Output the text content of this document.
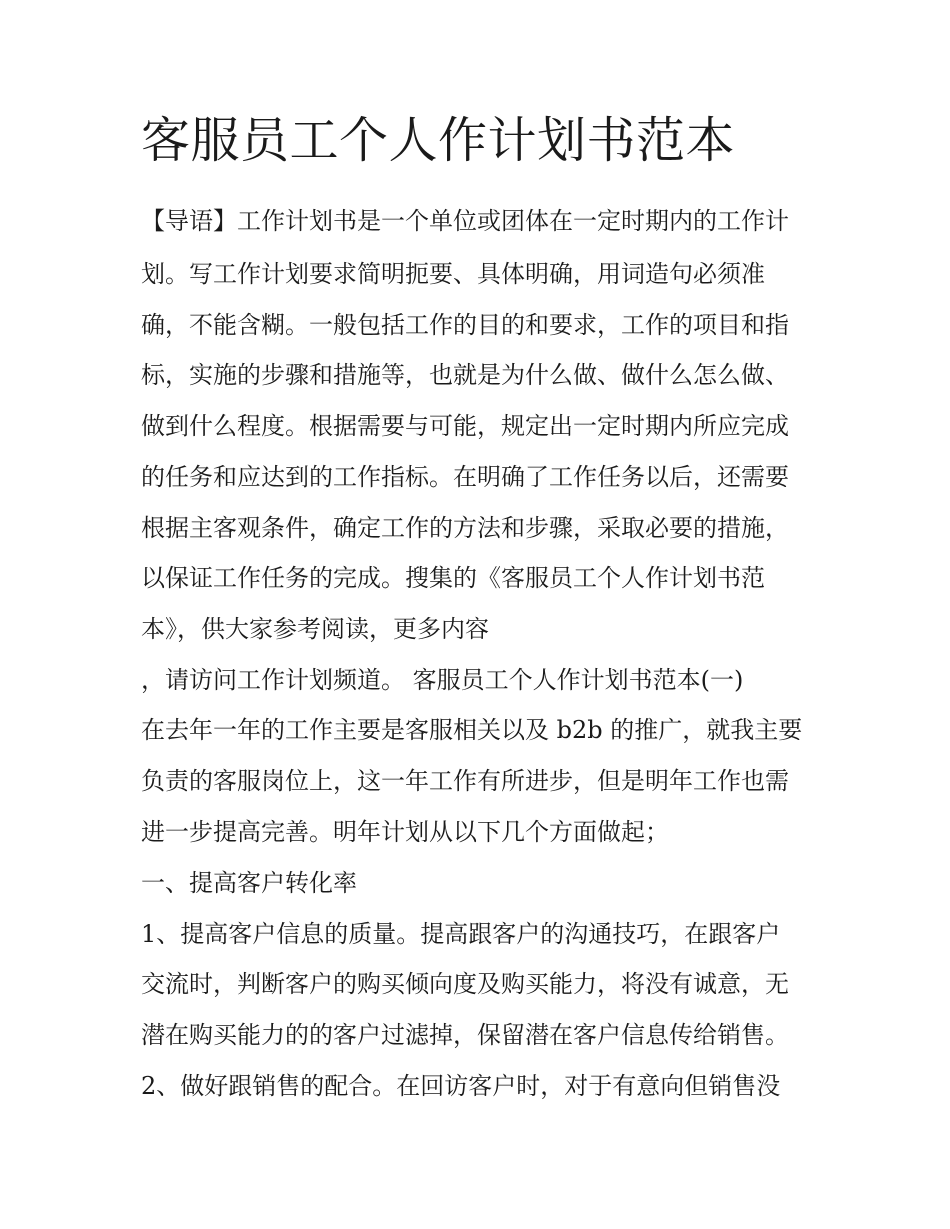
客服员工个人作计划书范本

【导语】工作计划书是一个单位或团体在一定时期内的工作计

划。写工作计划要求简明扼要、具体明确，用词造句必须准

确，不能含糊。一般包括工作的目的和要求，工作的项目和指

标，实施的步骤和措施等，也就是为什么做、做什么怎么做、

做到什么程度。根据需要与可能，规定出一定时期内所应完成

的任务和应达到的工作指标。在明确了工作任务以后，还需要

根据主客观条件，确定工作的方法和步骤，采取必要的措施，

以保证工作任务的完成。搜集的《客服员工个人作计划书范

本》，供大家参考阅读，更多内容

，请访问工作计划频道。 客服员工个人作计划书范本(一)

在去年一年的工作主要是客服相关以及 b2b 的推广，就我主要

负责的客服岗位上，这一年工作有所进步，但是明年工作也需

进一步提高完善。明年计划从以下几个方面做起；

一、提高客户转化率

1、提高客户信息的质量。提高跟客户的沟通技巧，在跟客户

交流时，判断客户的购买倾向度及购买能力，将没有诚意，无

潜在购买能力的的客户过滤掉，保留潜在客户信息传给销售。

2、做好跟销售的配合。在回访客户时，对于有意向但销售没
